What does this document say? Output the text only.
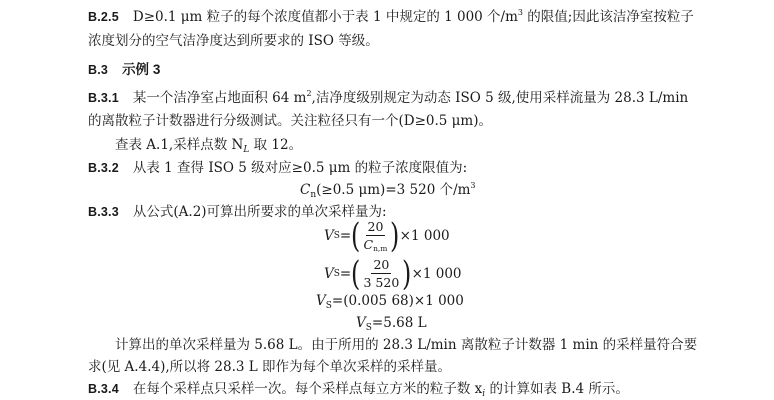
B.2.5 D≥0.1 μm 粒子的每个浓度值都小于表 1 中规定的 1 000 个$/m^3$ 的限值;因此该洁净室按粒子
浓度划分的空气洁净度达到所要求的 ISO 等级。
B.3 示例 3
B.3.1 某一个洁净室占地面积 64 $m^2$,洁净度级别规定为动态 ISO 5 级,使用采样流量为 28.3 L/min
的离散粒子计数器进行分级测试。关注粒径只有一个(D≥0.5 μm)。
查表 A.1,采样点数 $N_L$ 取 12。
B.3.2 从表 1 查得 ISO 5 级对应≥0.5 μm 的粒子浓度限值为:
$C_n(\ge 0.5$ μm)=3 520 个$/m^3$
B.3.3 从公式(A.2)可算出所要求的单次采样量为:
V S = ( $\frac{20}{C_{n,m}}$ ) ×1 000
V S = ( $\frac{20}{3 520}$ ) ×1 000
$V_S=(0.005$ 68)×1 000
$V_S=5.68$ L
计算出的单次采样量为 5.68 L。由于所用的 28.3 L/min 离散粒子计数器 1 min 的采样量符合要
求(见 A.4.4),所以将 28.3 L 即作为每个单次采样的采样量。
B.3.4 在每个采样点只采样一次。每个采样点每立方米的粒子数 $x_i$ 的计算如表 B.4 所示。
